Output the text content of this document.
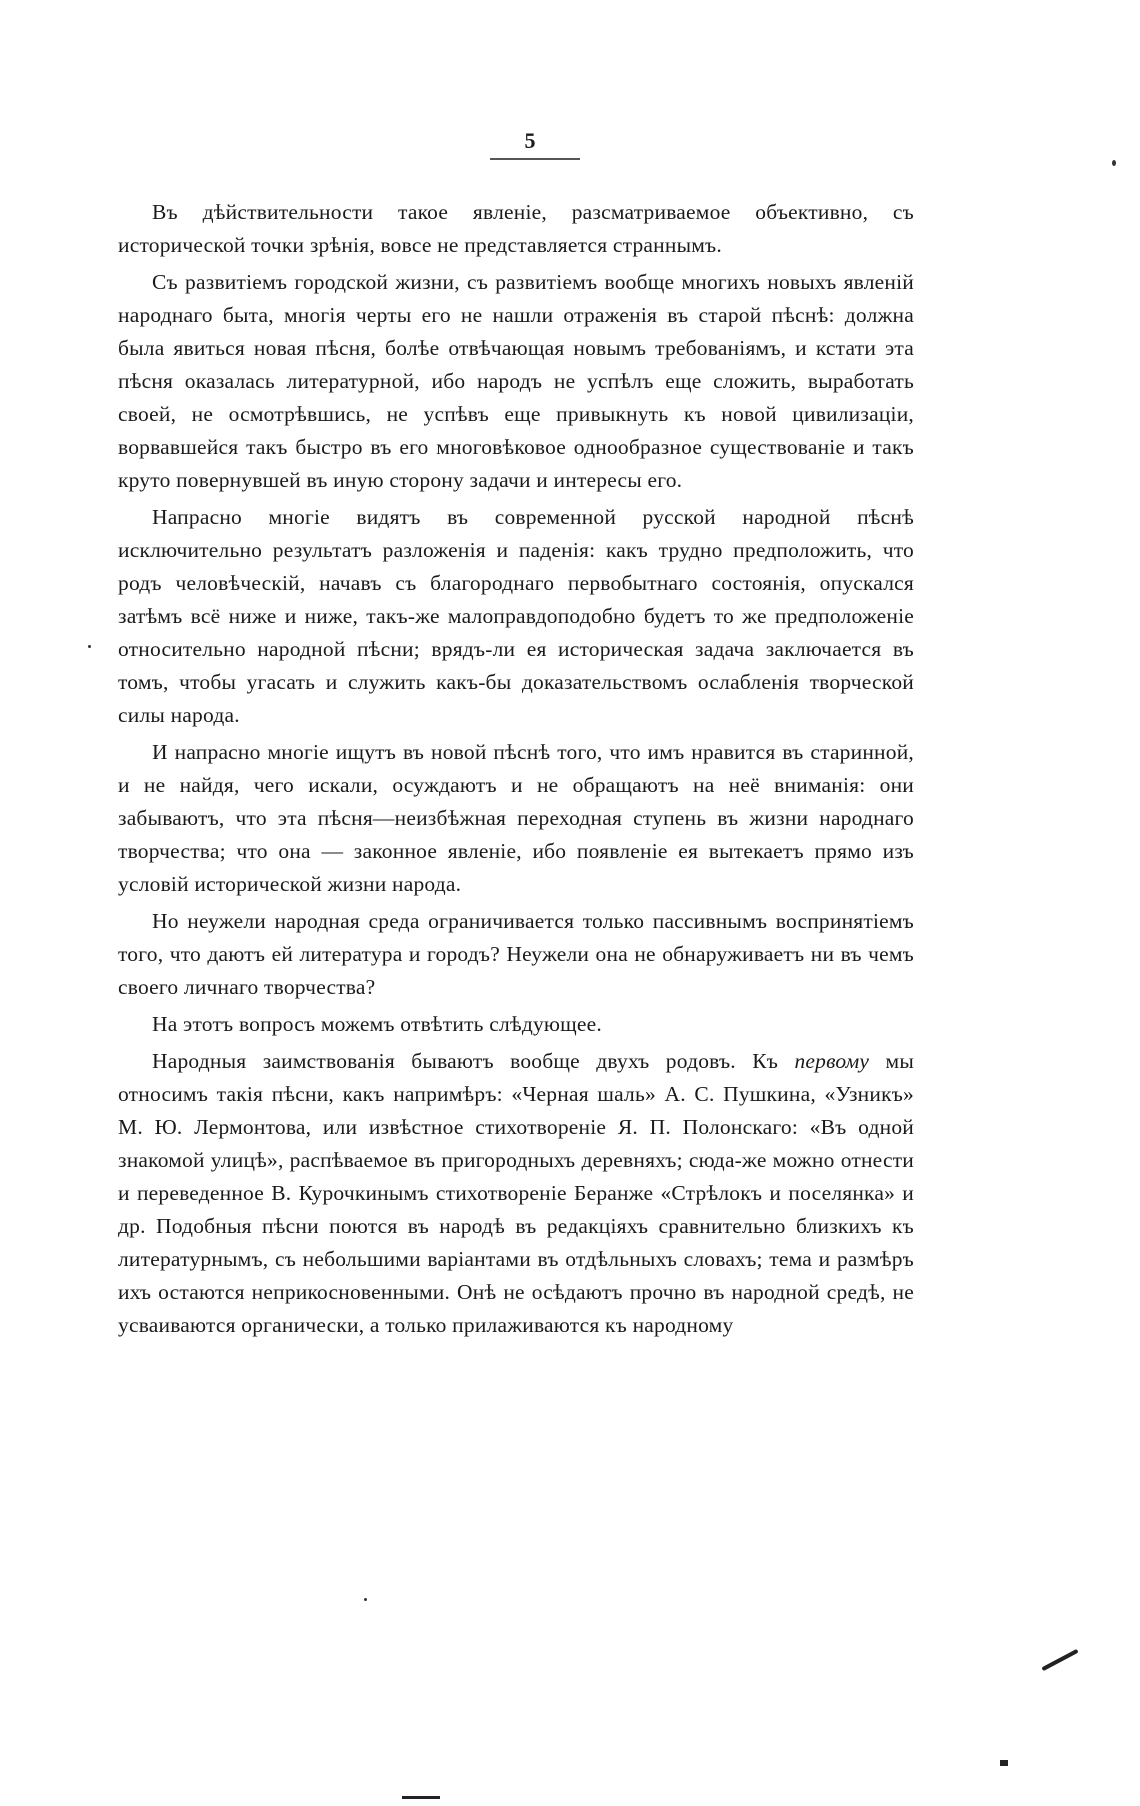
5

Въ дѣйствительности такое явленіе, разсматриваемое объективно, съ исторической точки зрѣнія, вовсе не представляется страннымъ.

Съ развитіемъ городской жизни, съ развитіемъ вообще многихъ новыхъ явленій народнаго быта, многія черты его не нашли отраженія въ старой пѣснѣ: должна была явиться новая пѣсня, болѣе отвѣчающая новымъ требованіямъ, и кстати эта пѣсня оказалась литературной, ибо народъ не успѣлъ еще сложить, выработать своей, не осмотрѣвшись, не успѣвъ еще привыкнуть къ новой цивилизаціи, ворвавшейся такъ быстро въ его многовѣковое однообразное существованіе и такъ круто повернувшей въ иную сторону задачи и интересы его.

Напрасно многіе видятъ въ современной русской народной пѣснѣ исключительно результатъ разложенія и паденія: какъ трудно предположить, что родъ человѣческій, начавъ съ благороднаго первобытнаго состоянія, опускался затѣмъ всё ниже и ниже, такъ-же малоправдоподобно будетъ то же предположеніе относительно народной пѣсни; врядъ-ли ея историческая задача заключается въ томъ, чтобы угасать и служить какъ-бы доказательствомъ ослабленія творческой силы народа.

И напрасно многіе ищутъ въ новой пѣснѣ того, что имъ нравится въ старинной, и не найдя, чего искали, осуждаютъ и не обращаютъ на неё вниманія: они забываютъ, что эта пѣсня—неизбѣжная переходная ступень въ жизни народнаго творчества; что она — законное явленіе, ибо появленіе ея вытекаетъ прямо изъ условій исторической жизни народа.

Но неужели народная среда ограничивается только пассивнымъ воспринятіемъ того, что даютъ ей литература и городъ? Неужели она не обнаруживаетъ ни въ чемъ своего личнаго творчества?

На этотъ вопросъ можемъ отвѣтить слѣдующее.

Народныя заимствованія бываютъ вообще двухъ родовъ. Къ первому мы относимъ такія пѣсни, какъ напримѣръ: «Черная шаль» А. С. Пушкина, «Узникъ» М. Ю. Лермонтова, или извѣстное стихотвореніе Я. П. Полонскаго: «Въ одной знакомой улицѣ», распѣваемое въ пригородныхъ деревняхъ; сюда-же можно отнести и переведенное В. Курочкинымъ стихотвореніе Беранже «Стрѣлокъ и поселянка» и др. Подобныя пѣсни поются въ народѣ въ редакціяхъ сравнительно близкихъ къ литературнымъ, съ небольшими варіантами въ отдѣльныхъ словахъ; тема и размѣръ ихъ остаются неприкосновенными. Онѣ не осѣдаютъ прочно въ народной средѣ, не усваиваются органически, а только прилаживаются къ народному
